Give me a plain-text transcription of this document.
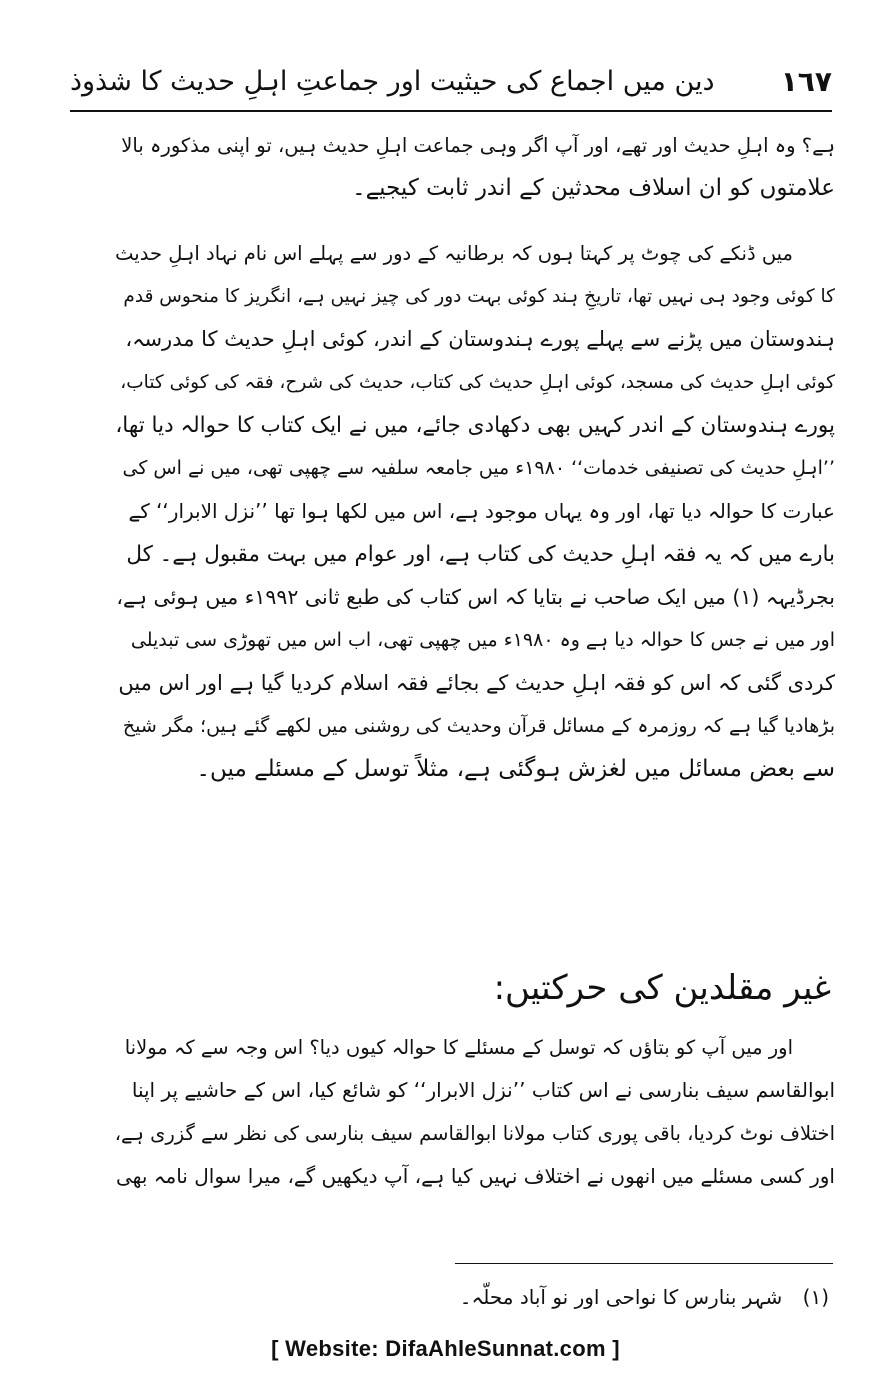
دین میں اجماع کی حیثیت اور جماعتِ اہلِ حدیث کا شذوذ ١٦٧
ہے؟ وہ اہلِ حدیث اور تھے، اور آپ اگر وہی جماعت اہلِ حدیث ہیں، تو اپنی مذکورہ بالا
علامتوں کو ان اسلاف محدثین کے اندر ثابت کیجیے۔
میں ڈنکے کی چوٹ پر کہتا ہوں کہ برطانیہ کے دور سے پہلے اس نام نہاد اہلِ حدیث
کا کوئی وجود ہی نہیں تھا، تاریخِ ہند کوئی بہت دور کی چیز نہیں ہے، انگریز کا منحوس قدم
ہندوستان میں پڑنے سے پہلے پورے ہندوستان کے اندر، کوئی اہلِ حدیث کا مدرسہ،
کوئی اہلِ حدیث کی مسجد، کوئی اہلِ حدیث کی کتاب، حدیث کی شرح، فقہ کی کوئی کتاب،
پورے ہندوستان کے اندر کہیں بھی دکھادی جائے، میں نے ایک کتاب کا حوالہ دیا تھا،
’’اہلِ حدیث کی تصنیفی خدمات‘‘ ۱۹۸۰ء میں جامعہ سلفیہ سے چھپی تھی، میں نے اس کی
عبارت کا حوالہ دیا تھا، اور وہ یہاں موجود ہے، اس میں لکھا ہوا تھا ’’نزل الابرار‘‘ کے
بارے میں کہ یہ فقہ اہلِ حدیث کی کتاب ہے، اور عوام میں بہت مقبول ہے۔ کل
بجرڈیہہ (۱) میں ایک صاحب نے بتایا کہ اس کتاب کی طبع ثانی ۱۹۹۲ء میں ہوئی ہے،
اور میں نے جس کا حوالہ دیا ہے وہ ۱۹۸۰ء میں چھپی تھی، اب اس میں تھوڑی سی تبدیلی
کردی گئی کہ اس کو فقہ اہلِ حدیث کے بجائے فقہ اسلام کردیا گیا ہے اور اس میں
بڑھادیا گیا ہے کہ روزمرہ کے مسائل قرآن وحدیث کی روشنی میں لکھے گئے ہیں؛ مگر شیخ
سے بعض مسائل میں لغزش ہوگئی ہے، مثلاً توسل کے مسئلے میں۔
غیر مقلدین کی حرکتیں:
اور میں آپ کو بتاؤں کہ توسل کے مسئلے کا حوالہ کیوں دیا؟ اس وجہ سے کہ مولانا
ابوالقاسم سیف بنارسی نے اس کتاب ’’نزل الابرار‘‘ کو شائع کیا، اس کے حاشیے پر اپنا
اختلاف نوٹ کردیا، باقی پوری کتاب مولانا ابوالقاسم سیف بنارسی کی نظر سے گزری ہے،
اور کسی مسئلے میں انھوں نے اختلاف نہیں کیا ہے، آپ دیکھیں گے، میرا سوال نامہ بھی
(۱) شہر بنارس کا نواحی اور نو آباد محلّہ۔
[ Website: DifaAhleSunnat.com ]
